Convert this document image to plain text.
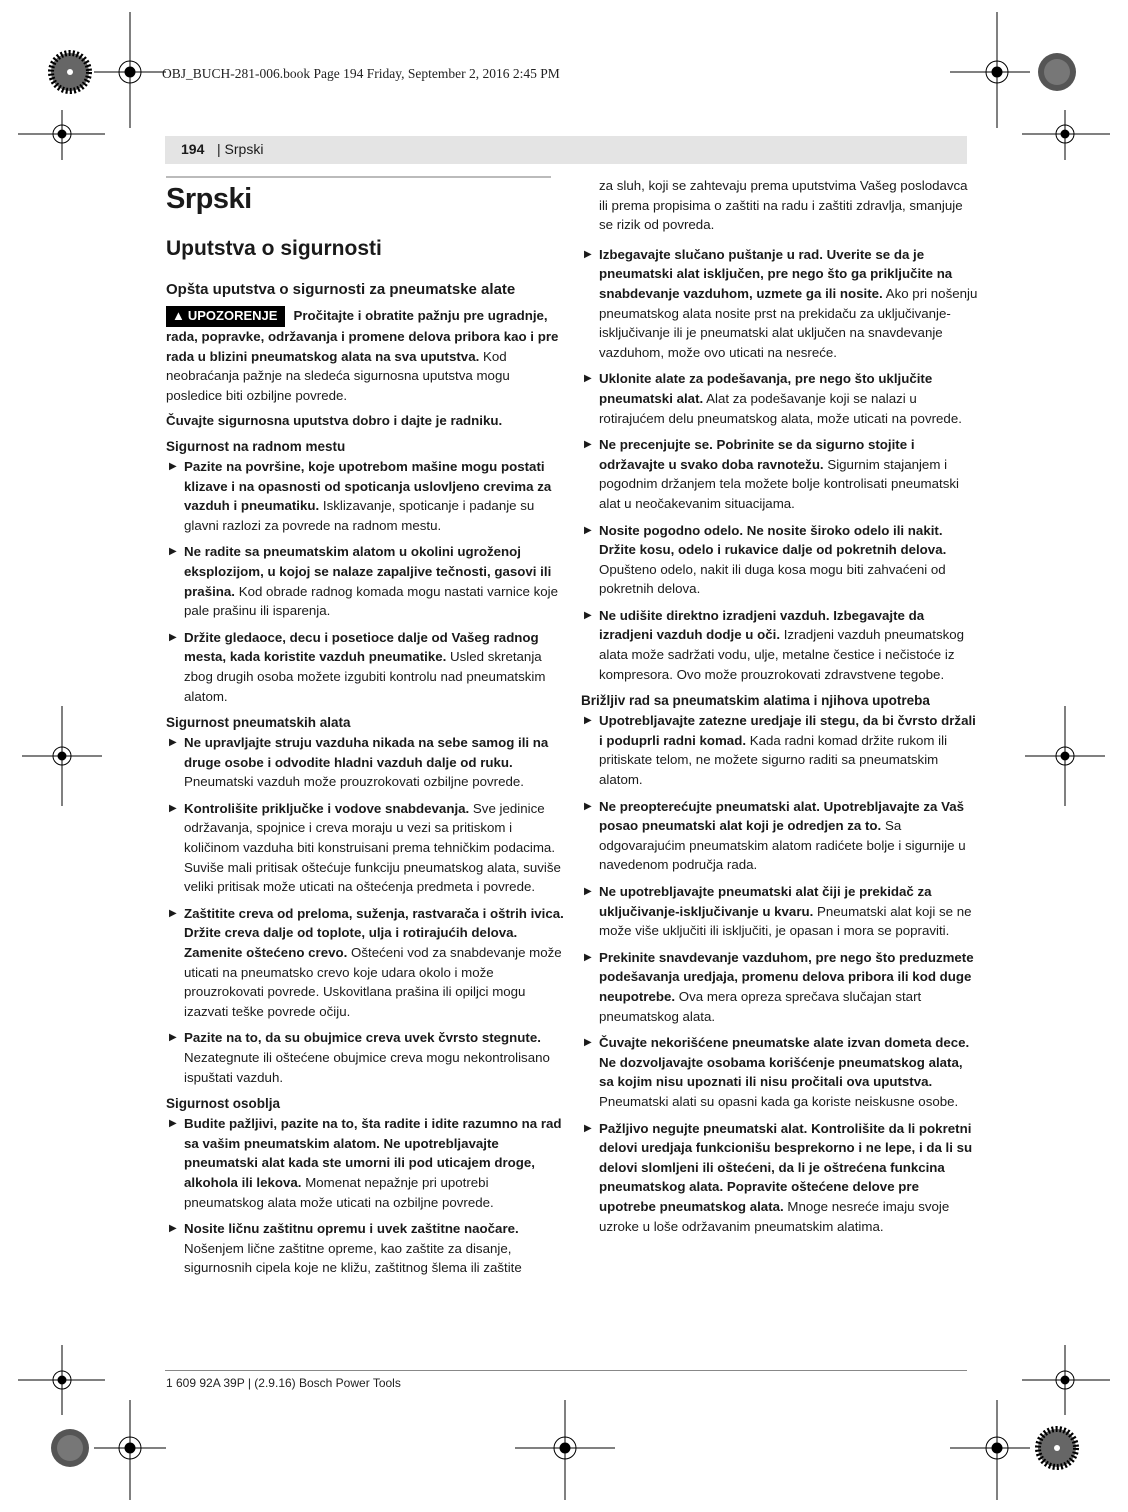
OBJ_BUCH-281-006.book Page 194 Friday, September 2, 2016 2:45 PM
194 | Srpski
Srpski
Uputstva o sigurnosti
Opšta uputstva o sigurnosti za pneumatske alate

▲ UPOZORENJE Pročitajte i obratite pažnju pre ugradnje, rada, popravke, održavanja i promene delova pribora kao i pre rada u blizini pneumatskog alata na sva uputstva. Kod neobraćanja pažnje na sledeća sigurnosna uputstva mogu posledice biti ozbiljne povrede.

Čuvajte sigurnosna uputstva dobro i dajte je radniku.

Sigurnost na radnom mestu
▶ Pazite na površine, koje upotrebom mašine mogu postati klizave i na opasnosti od spoticanja uslovljeno crevima za vazduh i pneumatiku. Isklizavanje, spoticanje i padanje su glavni razlozi za povrede na radnom mestu.
▶ Ne radite sa pneumatskim alatom u okolini ugroženoj eksplozijom, u kojoj se nalaze zapaljive tečnosti, gasovi ili prašina. Kod obrade radnog komada mogu nastati varnice koje pale prašinu ili isparenja.
▶ Držite gledaoce, decu i posetioce dalje od Vašeg radnog mesta, kada koristite vazduh pneumatike. Usled skretanja zbog drugih osoba možete izgubiti kontrolu nad pneumatskim alatom.
Sigurnost pneumatskih alata
▶ Ne upravljajte struju vazduha nikada na sebe samog ili na druge osobe i odvodite hladni vazduh dalje od ruku. Pneumatski vazduh može prouzrokovati ozbiljne povrede.
▶ Kontrolišite priključke i vodove snabdevanja. Sve jedinice održavanja, spojnice i creva moraju u vezi sa pritiskom i količinom vazduha biti konstruisani prema tehničkim podacima. Suviše mali pritisak oštećuje funkciju pneumatskog alata, suviše veliki pritisak može uticati na oštećenja predmeta i povrede.
▶ Zaštitite creva od preloma, suženja, rastvarača i oštrih ivica. Držite creva dalje od toplote, ulja i rotirajućih delova. Zamenite oštećeno crevo. Oštećeni vod za snabdevanje može uticati na pneumatsko crevo koje udara okolo i može prouzrokovati povrede. Uskovitlana prašina ili opiljci mogu izazvati teške povrede očiju.
▶ Pazite na to, da su obujmice creva uvek čvrsto stegnute. Nezategnute ili oštećene obujmice creva mogu nekontrolisano ispuštati vazduh.
Sigurnost osoblja
▶ Budite pažljivi, pazite na to, šta radite i idite razumno na rad sa vašim pneumatskim alatom. Ne upotrebljavajte pneumatski alat kada ste umorni ili pod uticajem droge, alkohola ili lekova. Momenat nepažnje pri upotrebi pneumatskog alata može uticati na ozbiljne povrede.
▶ Nosite ličnu zaštitnu opremu i uvek zaštitne naočare. Nošenjem lične zaštitne opreme, kao zaštite za disanje, sigurnosnih cipela koje ne kližu, zaštitnog šlema ili zaštite

za sluh, koji se zahtevaju prema uputstvima Vašeg poslodavca ili prema propisima o zaštiti na radu i zaštiti zdravlja, smanjuje se rizik od povreda.

▶ Izbegavajte slučano puštanje u rad. Uverite se da je pneumatski alat isključen, pre nego što ga priključite na snabdevanje vazduhom, uzmete ga ili nosite. Ako pri nošenju pneumatskog alata nosite prst na prekidaču za uključivanje-isključivanje ili je pneumatski alat uključen na snavdevanje vazduhom, može ovo uticati na nesreće.
▶ Uklonite alate za podešavanja, pre nego što uključite pneumatski alat. Alat za podešavanje koji se nalazi u rotirajućem delu pneumatskog alata, može uticati na povrede.
▶ Ne precenjujte se. Pobrinite se da sigurno stojite i održavajte u svako doba ravnotežu. Sigurnim stajanjem i pogodnim držanjem tela možete bolje kontrolisati pneumatski alat u neočakevanim situacijama.
▶ Nosite pogodno odelo. Ne nosite široko odelo ili nakit. Držite kosu, odelo i rukavice dalje od pokretnih delova. Opušteno odelo, nakit ili duga kosa mogu biti zahvaćeni od pokretnih delova.
▶ Ne udišite direktno izradjeni vazduh. Izbegavajte da izradjeni vazduh dodje u oči. Izradjeni vazduh pneumatskog alata može sadržati vodu, ulje, metalne čestice i nečistoće iz kompresora. Ovo može prouzrokovati zdravstvene tegobe.
Brižljiv rad sa pneumatskim alatima i njihova upotreba
▶ Upotrebljavajte zatezne uredjaje ili stegu, da bi čvrsto držali i poduprli radni komad. Kada radni komad držite rukom ili pritiskate telom, ne možete sigurno raditi sa pneumatskim alatom.
▶ Ne preopterećujte pneumatski alat. Upotrebljavajte za Vaš posao pneumatski alat koji je odredjen za to. Sa odgovarajućim pneumatskim alatom radićete bolje i sigurnije u navedenom područja rada.
▶ Ne upotrebljavajte pneumatski alat čiji je prekidač za uključivanje-isključivanje u kvaru. Pneumatski alat koji se ne može više uključiti ili isključiti, je opasan i mora se popraviti.
▶ Prekinite snavdevanje vazduhom, pre nego što preduzmete podešavanja uredjaja, promenu delova pribora ili kod duge neupotrebe. Ova mera opreza sprečava slučajan start pneumatskog alata.
▶ Čuvajte nekorišćene pneumatske alate izvan dometa dece. Ne dozvoljavajte osobama korišćenje pneumatskog alata, sa kojim nisu upoznati ili nisu pročitali ova uputstva. Pneumatski alati su opasni kada ga koriste neiskusne osobe.
▶ Pažljivo negujte pneumatski alat. Kontrolišite da li pokretni delovi uredjaja funkcionišu besprekorno i ne lepe, i da li su delovi slomljeni ili oštećeni, da li je oštrećena funkcina pneumatskog alata. Popravite oštećene delove pre upotrebe pneumatskog alata. Mnoge nesreće imaju svoje uzroke u loše održavanim pneumatskim alatima.
1 609 92A 39P | (2.9.16) Bosch Power Tools
